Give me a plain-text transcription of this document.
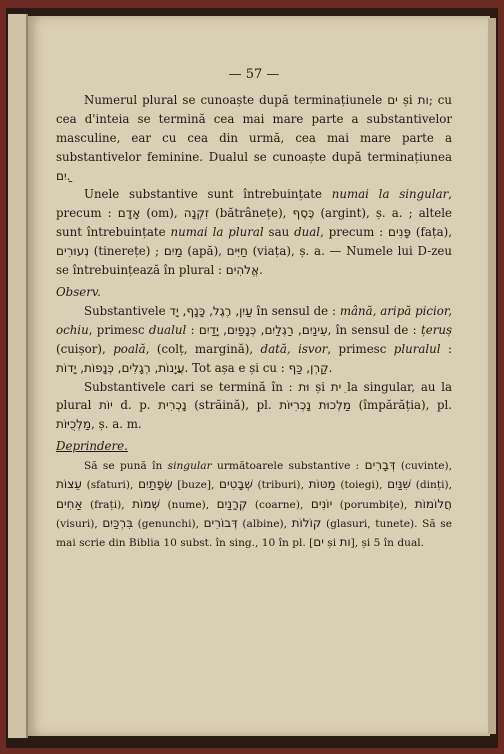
— 57 —

Numerul plural se cunoaște după terminațiunele ים și ות; cu cea d'inteia se termină cea mai mare parte a substantivelor masculine, ear cu cea din urmă, cea mai mare parte a substantivelor feminine. Dualul se cunoaște după terminațiunea ַיִם.

Unele substantive sunt întrebuințate numai la singular, precum : אָדָם (om), זִקְנָה (bătrânețe), כֶּסֶף (argint), ș. a. ; altele sunt întrebuințate numai la plural sau dual, precum : פָּנִים (fața), נְעוּרִים (tinerețe) ; מַיִם (apă), חַיִּים (viața), ș. a. — Numele lui D-zeu se întrebuințează în plural : אֱלֹהִים.

Observ.

Substantivele עַיִן, רֶגֶל, כָּנָף, יָד în sensul de : mână, aripă picior, ochiu, primesc dualul : עֵינַיִם, רַגְלַיִם, כְּנָפַיִם, יָדַיִם, în sensul de : țeruș (cuișor), poală, (colț, margină), dată, isvor, primesc pluralul : עֲיָנוֹת, רְגָלִים, כְּנָפוֹת, יָדוֹת. Tot așa e și cu : קַרְן, כַּף.

Substantivele cari se termină în : וּת și ִית la singular, au la plural יוֹת d. p. נָכְרִית (străină), pl. נָכְרִיּוֹת מַלְכוּת (împărăția), pl. מַלְכֻיּוֹת, ș. a. m.

Deprindere.

Să se pună în singular următoarele substantive : דְּבָרִים (cuvinte), עֵצוֹת (sfaturi), שְׂפָתַיִם [buze], שְׁבָטִים (triburi), מַטּוֹת (toiegi), שִׁנַּיִם (dinți), אַחִים (frați), שְׁמוֹת (nume), קְרָנַיִם (coarne), יוֹנִים (porumbițe), חֲלוֹמוֹת (visuri), בִּרְכַּיִם (genunchi), דְּבוֹרִים (albine), קוֹלוֹת (glasuri, tunete). Să se mai scrie din Biblia 10 subst. în sing., 10 în pl. [ים și ות], și 5 în dual.
